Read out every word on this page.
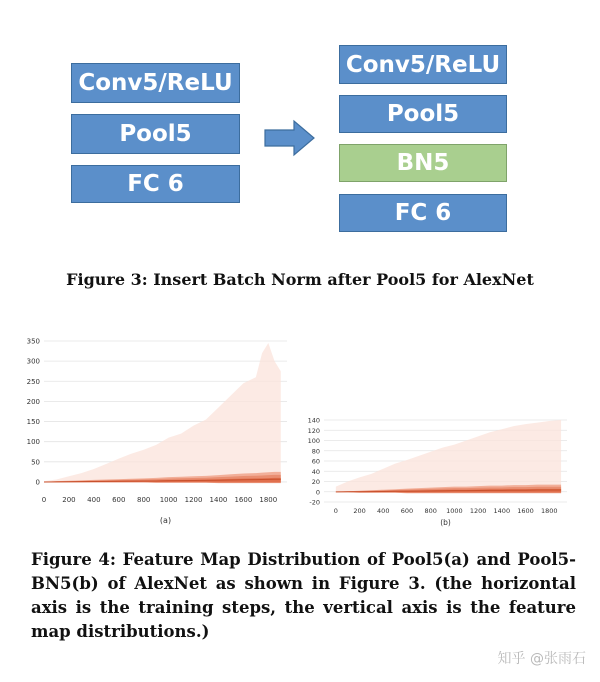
Conv5/ReLU
Pool5
FC 6
Conv5/ReLU
Pool5
BN5
FC 6
Figure 3: Insert Batch Norm after Pool5 for AlexNet
0
50
100
150
200
250
300
350
0 200 400 600 800 1000 1200 1400 1600 1800
(a)
-20
0
20
40
60
80
100
120
140
0 200 400 600 800 1000 1200 1400 1600 1800
(b)
Figure 4: Feature Map Distribution of Pool5(a) and Pool5-BN5(b) of AlexNet as shown in Figure 3. (the horizontal axis is the training steps, the vertical axis is the feature map distributions.)
知乎 @张雨石
